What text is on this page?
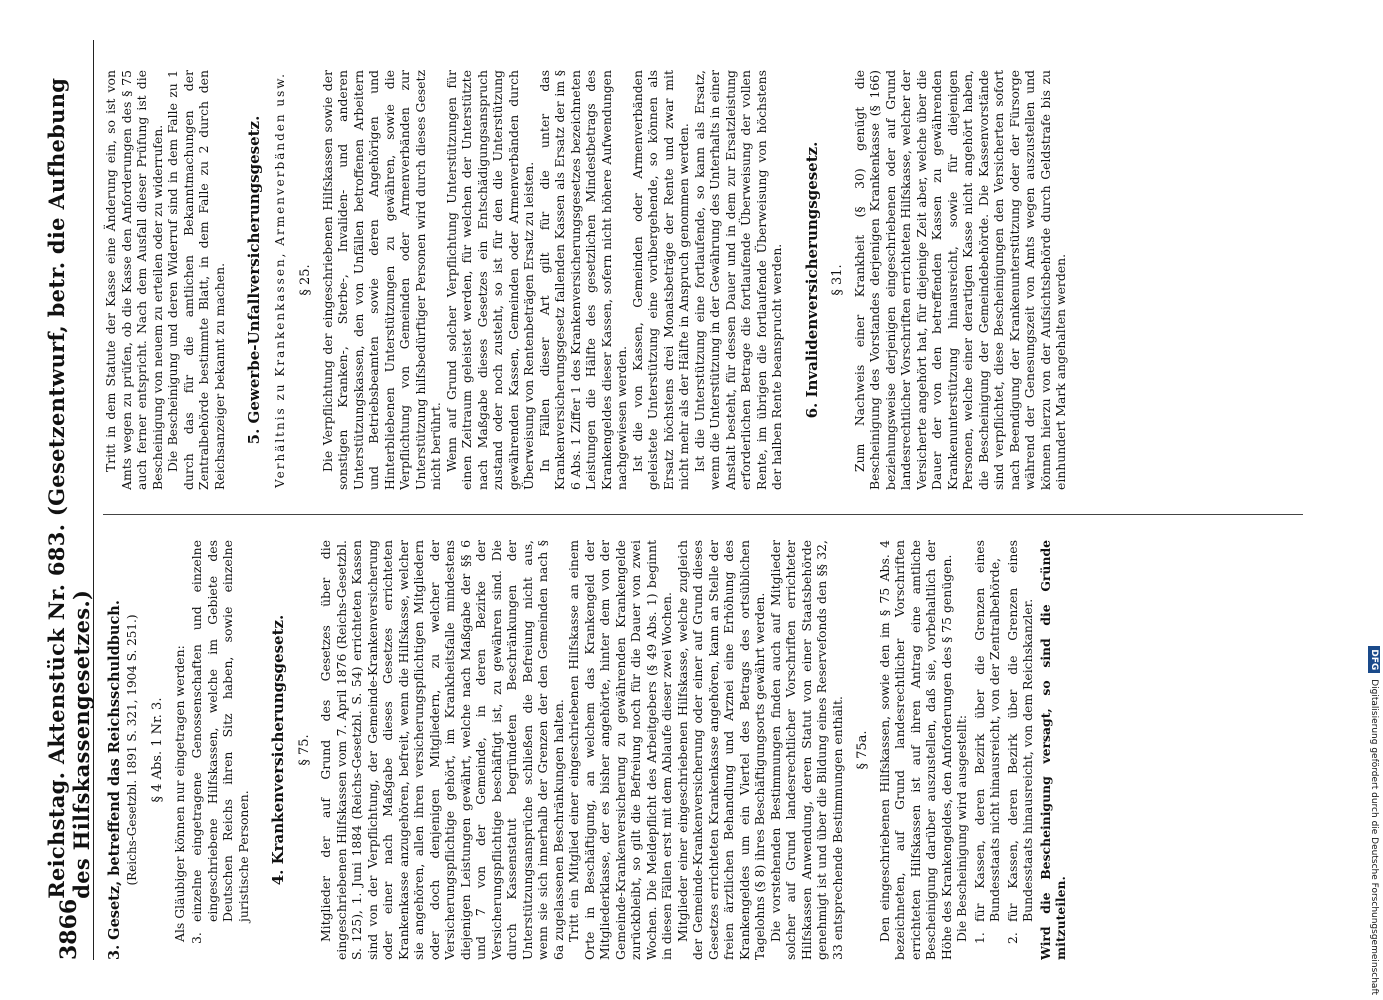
3866
Reichstag. Aktenstück Nr. 683. (Gesetzentwurf, betr. die Aufhebung des Hilfskassengesetzes.) 3. Gesetz, betreffend das Reichsschuldbuch. (Reichs-Gesetzbl. 1891 S. 321, 1904 S. 251.) § 4 Abs. 1 Nr. 3. Als Gläubiger können nur eingetragen werden: 3.
einzelne eingetragene Genossenschaften und einzelne eingeschriebene Hilfskassen, welche im Gebiete des Deutschen Reichs ihren Sitz haben, sowie einzelne juristische Personen. 4. Krankenversicherungsgesetz. § 75. Mitglieder der auf Grund des Gesetzes über die eingeschriebenen Hilfskassen vom 7. April 1876 (Reichs-Gesetzbl. S. 125), 1. Juni 1884 (Reichs-Gesetzbl. S. 54) errichteten Kassen sind von der Verpflichtung, der Gemeinde-Krankenversicherung oder einer nach Maßgabe dieses Gesetzes errichteten Krankenkasse anzugehören, befreit, wenn die Hilfskasse, welcher sie angehören, allen ihren versicherungspflichtigen Mitgliedern oder doch denjenigen Mitgliedern, zu welcher der Versicherungspflichtige gehört, im Krankheitsfalle mindestens diejenigen Leistungen gewährt, welche nach Maßgabe der §§ 6 und 7 von der Gemeinde, in deren Bezirke der Versicherungspflichtige beschäftigt ist, zu gewähren sind. Die durch Kassenstatut begründeten Beschränkungen der Unterstützungsansprüche schließen die Befreiung nicht aus, wenn sie sich innerhalb der Grenzen der den Gemeinden nach § 6a zugelassenen Beschränkungen halten. Tritt ein Mitglied einer eingeschriebenen Hilfskasse an einem Orte in Beschäftigung, an welchem das Krankengeld der Mitgliederklasse, der es bisher angehörte, hinter dem von der Gemeinde-Krankenversicherung zu gewährenden Krankengelde zurückbleibt, so gilt die Befreiung noch für die Dauer von zwei Wochen. Die Meldepflicht des Arbeitgebers (§ 49 Abs. 1) beginnt in diesen Fällen erst mit dem Ablaufe dieser zwei Wochen. Mitglieder einer eingeschriebenen Hilfskasse, welche zugleich der Gemeinde-Krankenversicherung oder einer auf Grund dieses Gesetzes errichteten Krankenkasse angehören, kann an Stelle der freien ärztlichen Behandlung und Arznei eine Erhöhung des Krankengeldes um ein Viertel des Betrags des ortsüblichen Tagelohns (§ 8) ihres Beschäftigungsorts gewährt werden. Die vorstehenden Bestimmungen finden auch auf Mitglieder solcher auf Grund landesrechtlicher Vorschriften errichteter Hilfskassen Anwendung, deren Statut von einer Staatsbehörde genehmigt ist und über die Bildung eines Reservefonds den §§ 32, 33 entsprechende Bestimmungen enthält. § 75a. Den eingeschriebenen Hilfskassen, sowie den im § 75 Abs. 4 bezeichneten, auf Grund landesrechtlicher Vorschriften errichteten Hilfskassen ist auf ihren Antrag eine amtliche Bescheinigung darüber auszustellen, daß sie, vorbehaltlich der Höhe des Krankengeldes, den Anforderungen des § 75 genügen. Die Bescheinigung wird ausgestellt: 1.
für Kassen, deren Bezirk über die Grenzen eines Bundesstaats nicht hinausreicht, von der Zentralbehörde,
2.
für Kassen, deren Bezirk über die Grenzen eines Bundesstaats hinausreicht, von dem Reichskanzler. Wird die Bescheinigung versagt, so sind die Gründe mitzuteilen.

Tritt in dem Statute der Kasse eine Änderung ein, so ist von Amts wegen zu prüfen, ob die Kasse den Anforderungen des § 75 auch ferner entspricht. Nach dem Ausfall dieser Prüfung ist die Bescheinigung von neuem zu erteilen oder zu widerrufen. Die Bescheinigung und deren Widerruf sind in dem Falle zu 1 durch das für die amtlichen Bekanntmachungen der Zentralbehörde bestimmte Blatt, in dem Falle zu 2 durch den Reichsanzeiger bekannt zu machen. 5. Gewerbe-Unfallversicherungsgesetz. Verhältnis zu Krankenkassen, Armenverbänden usw. § 25. Die Verpflichtung der eingeschriebenen Hilfskassen sowie der sonstigen Kranken-, Sterbe-, Invaliden- und anderen Unterstützungskassen, den von Unfällen betroffenen Arbeitern und Betriebsbeamten sowie deren Angehörigen und Hinterbliebenen Unterstützungen zu gewähren, sowie die Verpflichtung von Gemeinden oder Armenverbänden zur Unterstützung hilfsbedürftiger Personen wird durch dieses Gesetz nicht berührt. Wenn auf Grund solcher Verpflichtung Unterstützungen für einen Zeitraum geleistet werden, für welchen der Unterstützte nach Maßgabe dieses Gesetzes ein Entschädigungsanspruch zustand oder noch zusteht, so ist für den die Unterstützung gewährenden Kassen, Gemeinden oder Armenverbänden durch Überweisung von Rentenbeträgen Ersatz zu leisten. In Fällen dieser Art gilt für die unter das Krankenversicherungsgesetz fallenden Kassen als Ersatz der im § 6 Abs. 1 Ziffer 1 des Krankenversicherungsgesetzes bezeichneten Leistungen die Hälfte des gesetzlichen Mindestbetrags des Krankengeldes dieser Kassen, sofern nicht höhere Aufwendungen nachgewiesen werden. Ist die von Kassen, Gemeinden oder Armenverbänden geleistete Unterstützung eine vorübergehende, so können als Ersatz höchstens drei Monatsbeträge der Rente und zwar mit nicht mehr als der Hälfte in Anspruch genommen werden. Ist die Unterstützung eine fortlaufende, so kann als Ersatz, wenn die Unterstützung in der Gewährung des Unterhalts in einer Anstalt besteht, für dessen Dauer und in dem zur Ersatzleistung erforderlichen Betrage die fortlaufende Überweisung der vollen Rente, im übrigen die fortlaufende Überweisung von höchstens der halben Rente beansprucht werden. 6. Invalidenversicherungsgesetz. § 31. Zum Nachweis einer Krankheit (§ 30) genügt die Bescheinigung des Vorstandes derjenigen Krankenkasse (§ 166) beziehungsweise derjenigen eingeschriebenen oder auf Grund landesrechtlicher Vorschriften errichteten Hilfskasse, welcher der Versicherte angehört hat, für diejenige Zeit aber, welche über die Dauer der von den betreffenden Kassen zu gewährenden Krankenunterstützung hinausreicht, sowie für diejenigen Personen, welche einer derartigen Kasse nicht angehört haben, die Bescheinigung der Gemeindebehörde. Die Kassenvorstände sind verpflichtet, diese Bescheinigungen den Versicherten sofort nach Beendigung der Krankenunterstützung oder der Fürsorge während der Genesungszeit von Amts wegen auszustellen und können hierzu von der Aufsichtsbehörde durch Geldstrafe bis zu einhundert Mark angehalten werden.

DFG
Digitalisierung gefördert durch die Deutsche Forschungsgemeinschaft
